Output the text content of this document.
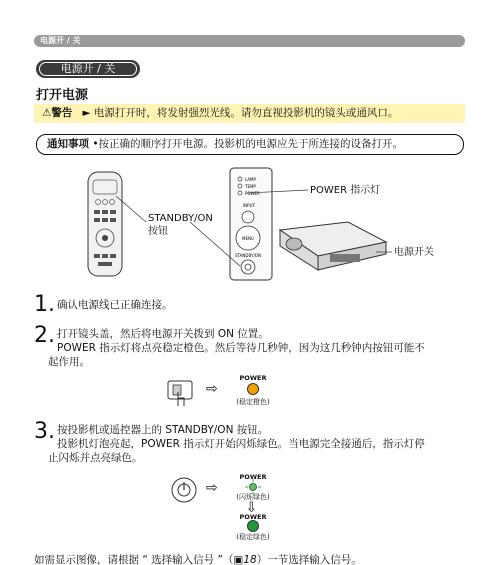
电源开 / 关
电源开 / 关
打开电源
⚠警告 ► 电源打开时，将发射强烈光线。请勿直视投影机的镜头或通风口。
通知事项 •按正确的顺序打开电源。投影机的电源应先于所连接的设备打开。
LAMP
TEMP
POWER
INPUT
MENU
STANDBY/ON
POWER 指示灯
STANDBY/ON
按钮
电源开关
1. 确认电源线已正确连接。
2. 打开镜头盖，然后将电源开关拨到 ON 位置。
POWER 指示灯将点亮稳定橙色。然后等待几秒钟，因为这几秒钟内按钮可能不
起作用。
⇨
POWER
(稳定橙色)
3. 按投影机或遥控器上的 STANDBY/ON 按钮。
投影机灯泡亮起，POWER 指示灯开始闪烁绿色。当电源完全接通后，指示灯停
止闪烁并点亮绿色。
⇨
POWER
(闪烁绿色)
⇨
POWER
(稳定绿色)
如需显示图像，请根据 “ 选择输入信号 ”（▣18）一节选择输入信号。
